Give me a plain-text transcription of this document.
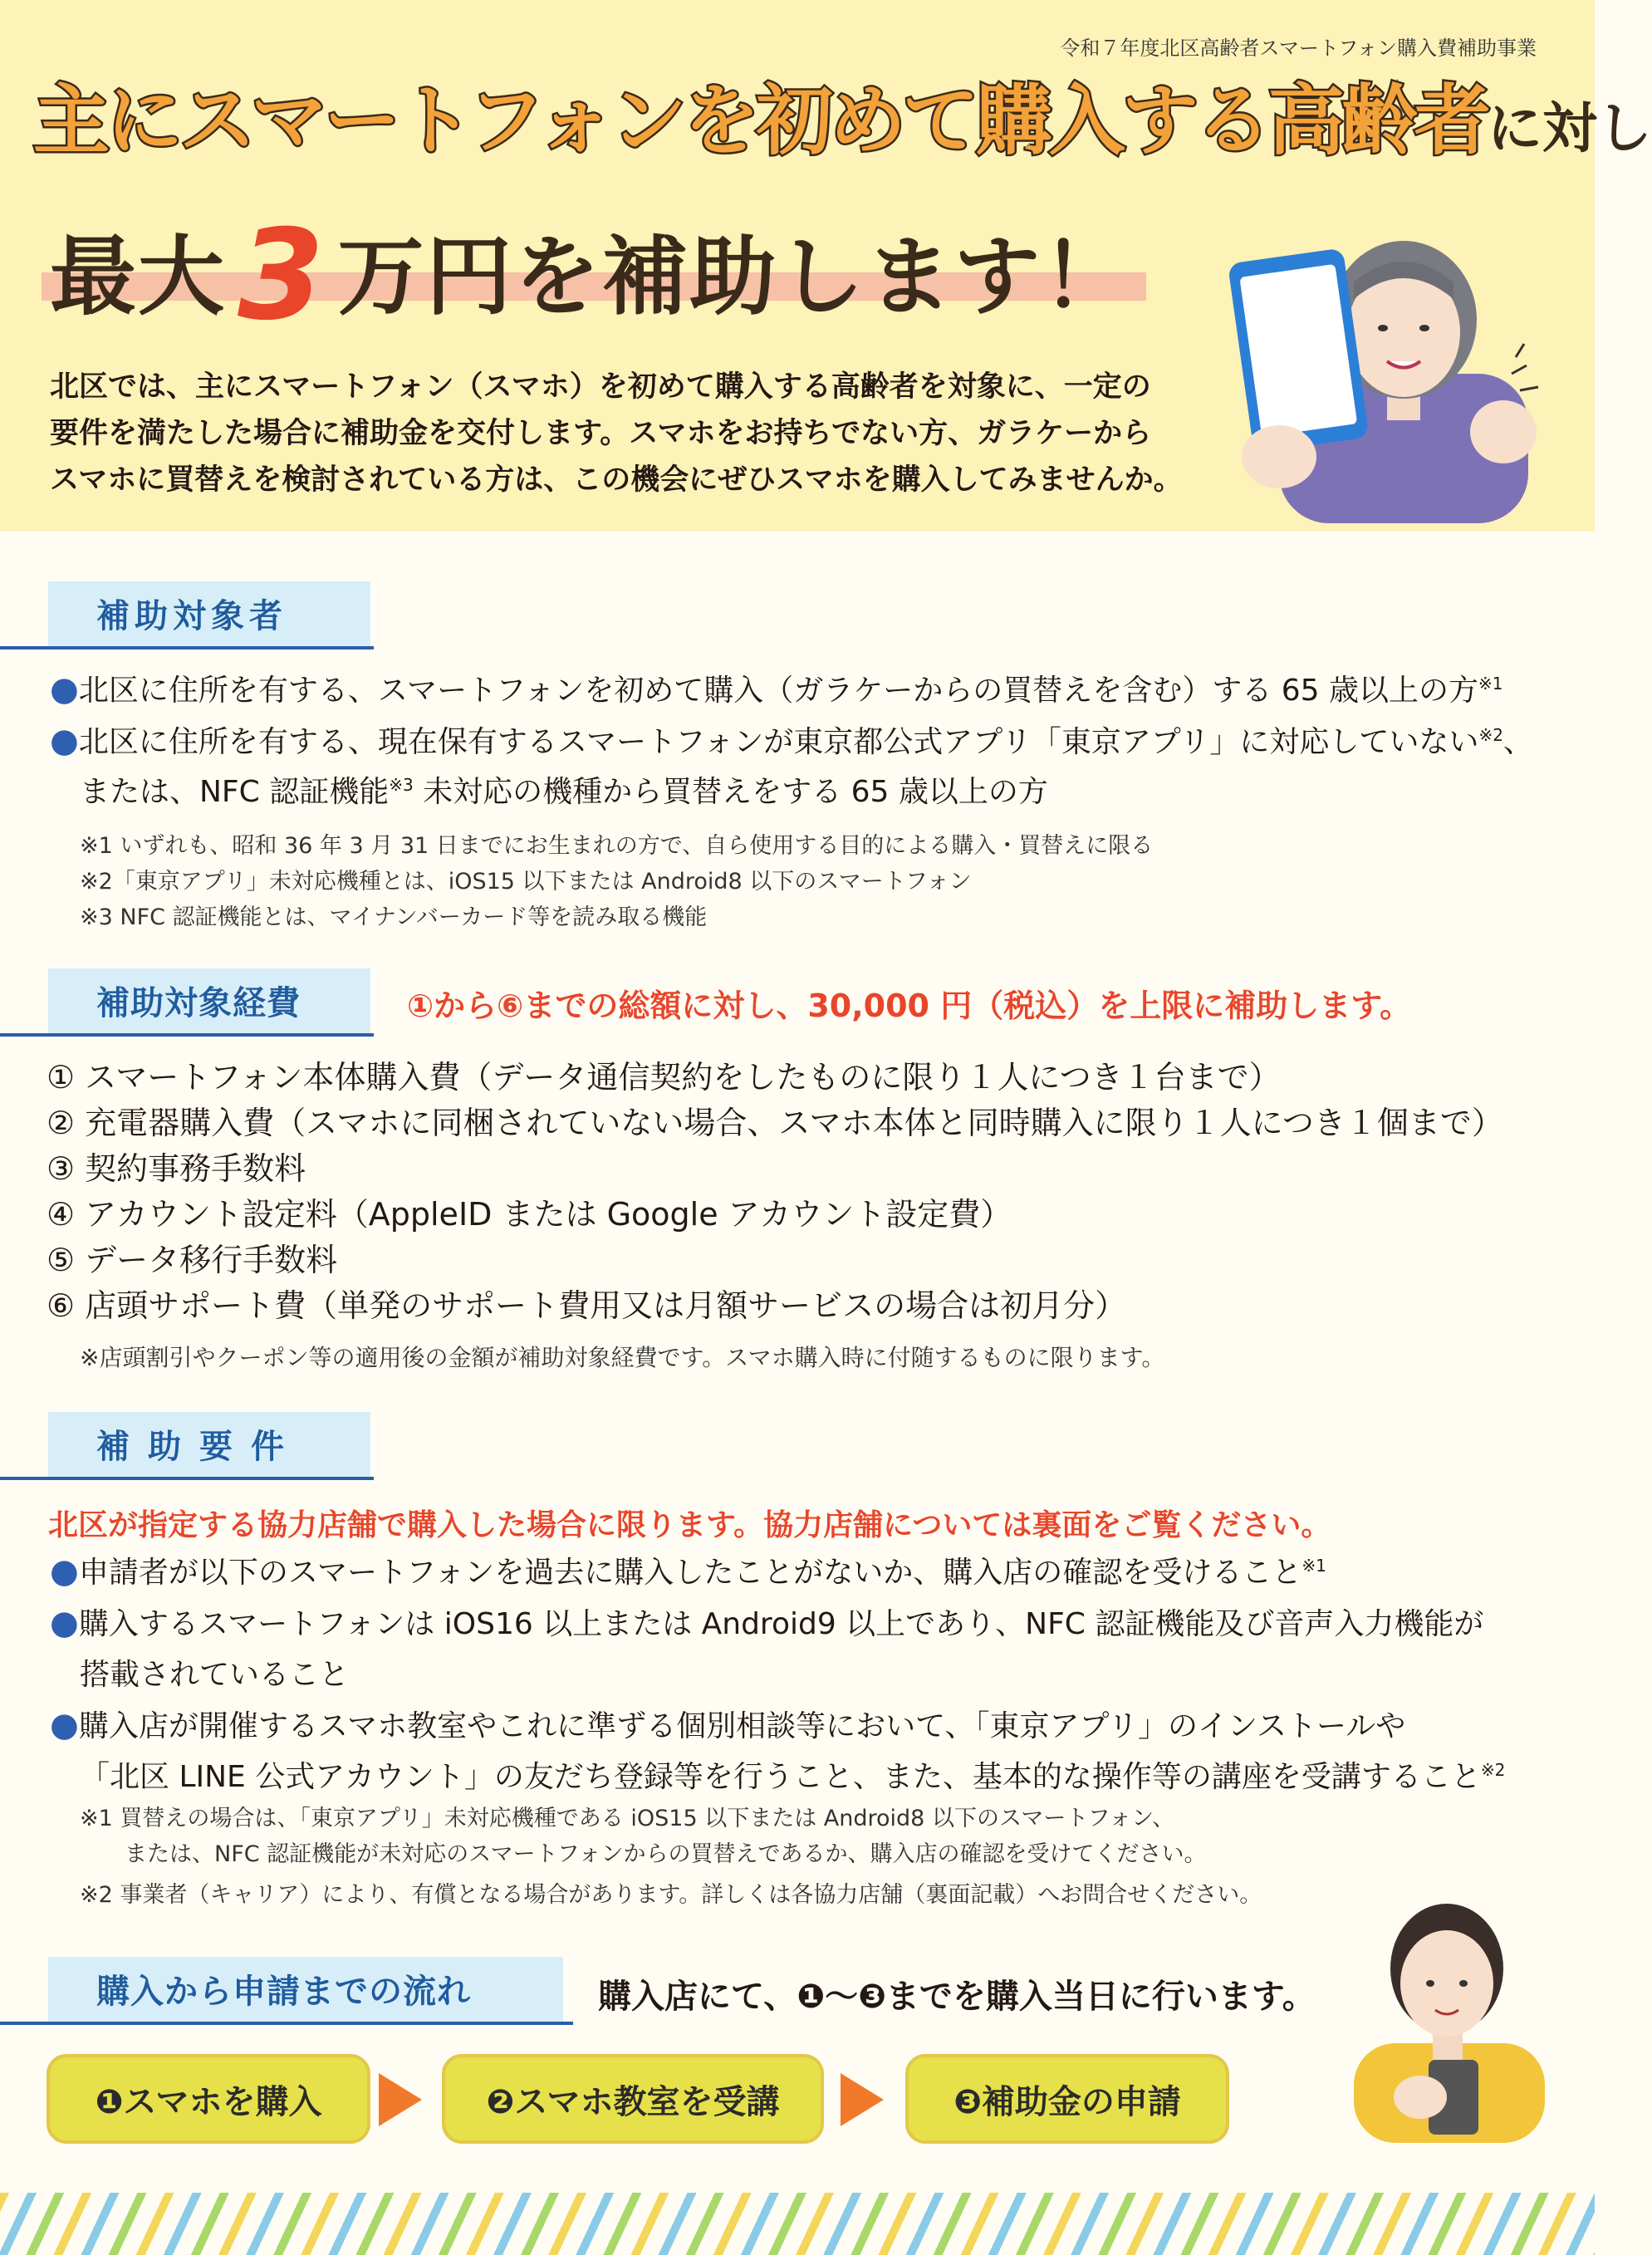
令和７年度北区高齢者スマートフォン購入費補助事業
主にスマートフォンを初めて購入する高齢者に対し
最大3 万円を補助します！

北区では、主にスマートフォン（スマホ）を初めて購入する高齢者を対象に、一定の

要件を満たした場合に補助金を交付します。スマホをお持ちでない方、ガラケーから

スマホに買替えを検討されている方は、この機会にぜひスマホを購入してみませんか。

補助対象者
●北区に住所を有する、スマートフォンを初めて購入（ガラケーからの買替えを含む）する 65 歳以上の方$^{※1}$
●北区に住所を有する、現在保有するスマートフォンが東京都公式アプリ「東京アプリ」に対応していない$^{※2}$、
または、NFC 認証機能$^{※3}$ 未対応の機種から買替えをする 65 歳以上の方
※1 いずれも、昭和 36 年 3 月 31 日までにお生まれの方で、自ら使用する目的による購入・買替えに限る
※2「東京アプリ」未対応機種とは、iOS15 以下または Android8 以下のスマートフォン
※3 NFC 認証機能とは、マイナンバーカード等を読み取る機能
補助対象経費	①から⑥までの総額に対し、30,000 円（税込）を上限に補助します。
① スマートフォン本体購入費（データ通信契約をしたものに限り１人につき１台まで）
② 充電器購入費（スマホに同梱されていない場合、スマホ本体と同時購入に限り１人につき１個まで）
③ 契約事務手数料
④ アカウント設定料（AppleID または Google アカウント設定費）
⑤ データ移行手数料
⑥ 店頭サポート費（単発のサポート費用又は月額サービスの場合は初月分）
※店頭割引やクーポン等の適用後の金額が補助対象経費です。スマホ購入時に付随するものに限ります。
補助要件
北区が指定する協力店舗で購入した場合に限ります。協力店舗については裏面をご覧ください。
●申請者が以下のスマートフォンを過去に購入したことがないか、購入店の確認を受けること$^{※1}$
●購入するスマートフォンは iOS16 以上または Android9 以上であり、NFC 認証機能及び音声入力機能が
搭載されていること
●購入店が開催するスマホ教室やこれに準ずる個別相談等において、「東京アプリ」のインストールや
「北区 LINE 公式アカウント」の友だち登録等を行うこと、また、基本的な操作等の講座を受講すること$^{※2}$
※1 買替えの場合は、「東京アプリ」未対応機種である iOS15 以下または Android8 以下のスマートフォン、
　　または、NFC 認証機能が未対応のスマートフォンからの買替えであるか、購入店の確認を受けてください。
※2 事業者（キャリア）により、有償となる場合があります。詳しくは各協力店舗（裏面記載）へお問合せください。
購入から申請までの流れ	購入店にて、❶～❸までを購入当日に行います。
❶スマホを購入	❷スマホ教室を受講	❸補助金の申請
